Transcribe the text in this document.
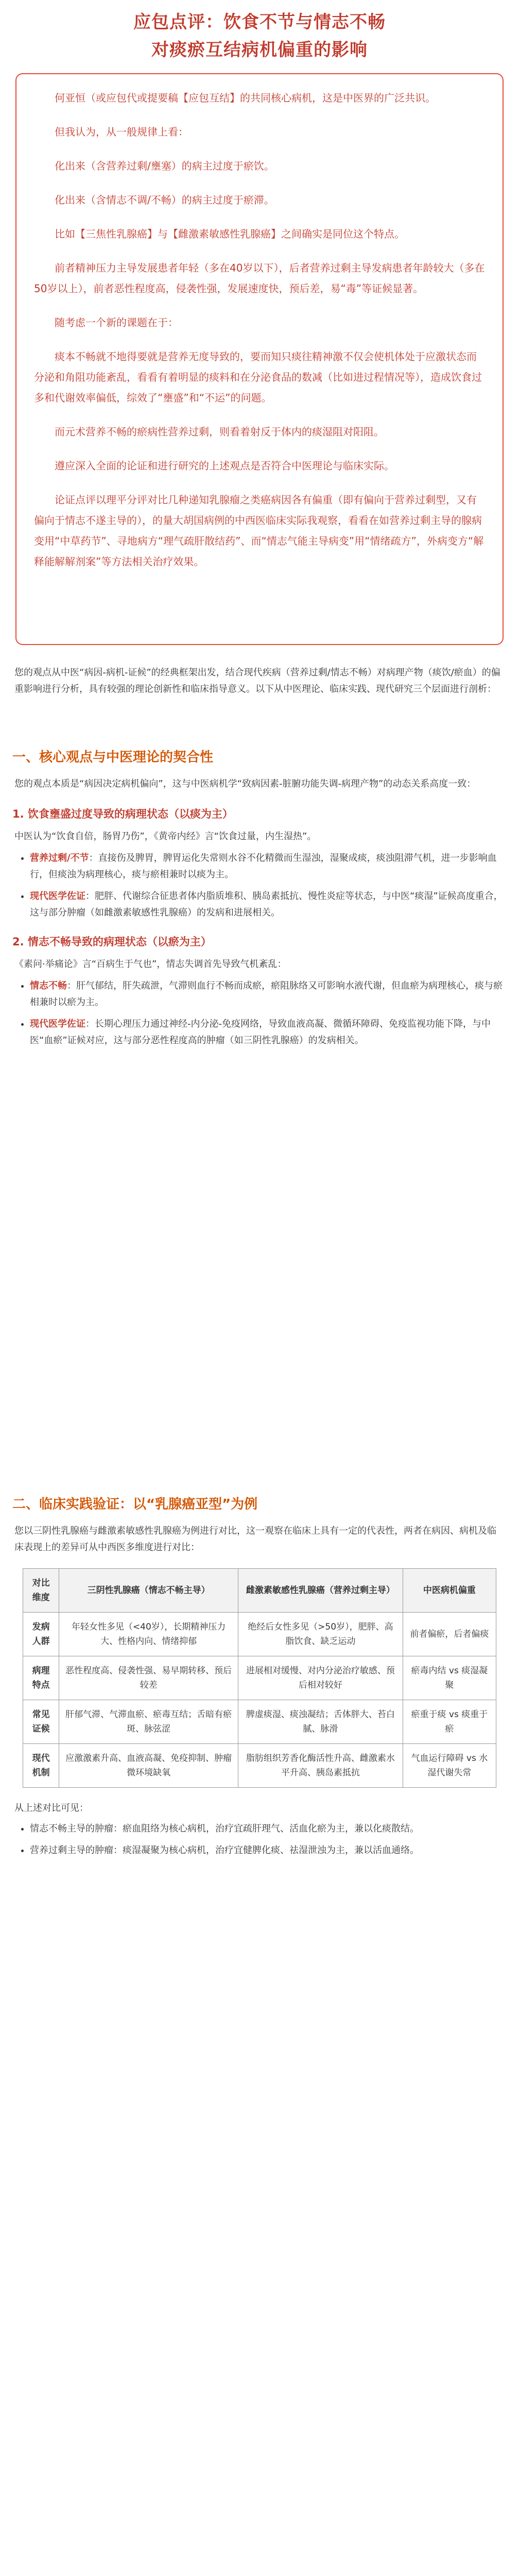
应包点评：饮食不节与情志不畅
对痰瘀互结病机偏重的影响

何亚恒（或应包代或提要稿【应包互结】的共同核心病机，这是中医界的广泛共识。

但我认为，从一般规律上看：

化出来（含营养过剩/壅塞）的病主过度于瘀饮。

化出来（含情志不调/不畅）的病主过度于瘀滞。

比如【三焦性乳腺癌】与【雌激素敏感性乳腺癌】之间确实是同位这个特点。

前者精神压力主导发展患者年轻（多在40岁以下），后者营养过剩主导发病患者年龄较大（多在50岁以上），前者恶性程度高，侵袭性强，发展速度快，预后差，易“毒”等证候显著。

随考虑一个新的课题在于：

痰本不畅就不地得要就是营养无度导致的，要而知只痰往精神激不仅会使机体处于应激状态而分泌和角阻功能紊乱，看看有着明显的痰料和在分泌食品的数减（比如进过程情况等），造成饮食过多和代谢效率偏低，综效了“壅盛”和“不运”的问题。

而元术营养不畅的瘀病性营养过剩，则看着射反于体内的痰湿阻对阳阻。

遵应深入全面的论证和进行研究的上述观点是否符合中医理论与临床实际。

论证点评以理平分评对比几种递知乳腺瘤之类癌病因各有偏重（即有偏向于营养过剩型，又有偏向于情志不遂主导的），的量大胡国病例的中西医临床实际我观察，看看在如营养过剩主导的腺病变用“中草药节”、寻地病方“理气疏肝散结药”、而“情志气能主导病变”用“情绪疏方”，外病变方“解释能解解剂案”等方法相关治疗效果。

您的观点从中医“病因-病机-证候”的经典框架出发，结合现代疾病（营养过剩/情志不畅）对病理产物（痰饮/瘀血）的偏重影响进行分析，具有较强的理论创新性和临床指导意义。以下从中医理论、临床实践、现代研究三个层面进行剖析：

一、核心观点与中医理论的契合性

您的观点本质是“病因决定病机偏向”，这与中医病机学“致病因素-脏腑功能失调-病理产物”的动态关系高度一致：

1. 饮食壅盛过度导致的病理状态（以痰为主）

中医认为“饮食自倍，肠胃乃伤”，《黄帝内经》言“饮食过量，内生湿热”。

• 营养过剩/不节：直接伤及脾胃，脾胃运化失常则水谷不化精微而生湿浊，湿聚成痰，痰浊阻滞气机，进一步影响血行，但痰浊为病理核心，痰与瘀相兼时以痰为主。
• 现代医学佐证：肥胖、代谢综合征患者体内脂质堆积、胰岛素抵抗、慢性炎症等状态，与中医“痰湿”证候高度重合，这与部分肿瘤（如雌激素敏感性乳腺癌）的发病和进展相关。
2. 情志不畅导致的病理状态（以瘀为主）

《素问·举痛论》言“百病生于气也”，情志失调首先导致气机紊乱：

• 情志不畅：肝气郁结，肝失疏泄，气滞则血行不畅而成瘀，瘀阻脉络又可影响水液代谢，但血瘀为病理核心，痰与瘀相兼时以瘀为主。
• 现代医学佐证：长期心理压力通过神经-内分泌-免疫网络，导致血液高凝、微循环障碍、免疫监视功能下降，与中医“血瘀”证候对应，这与部分恶性程度高的肿瘤（如三阴性乳腺癌）的发病相关。
二、临床实践验证：以“乳腺癌亚型”为例

您以三阴性乳腺癌与雌激素敏感性乳腺癌为例进行对比，这一观察在临床上具有一定的代表性，两者在病因、病机及临床表现上的差异可从中西医多维度进行对比：

对比维度	三阴性乳腺癌（情志不畅主导）	雌激素敏感性乳腺癌（营养过剩主导）	中医病机偏重
发病人群	年轻女性多见（<40岁），长期精神压力大、性格内向、情绪抑郁	绝经后女性多见（>50岁），肥胖、高脂饮食、缺乏运动	前者偏瘀，后者偏痰
病理特点	恶性程度高、侵袭性强、易早期转移、预后较差	进展相对缓慢、对内分泌治疗敏感、预后相对较好	瘀毒内结 vs 痰湿凝聚
常见证候	肝郁气滞、气滞血瘀、瘀毒互结；舌暗有瘀斑、脉弦涩	脾虚痰湿、痰浊凝结；舌体胖大、苔白腻、脉滑	瘀重于痰 vs 痰重于瘀
现代机制	应激激素升高、血液高凝、免疫抑制、肿瘤微环境缺氧	脂肪组织芳香化酶活性升高、雌激素水平升高、胰岛素抵抗	气血运行障碍 vs 水湿代谢失常

从上述对比可见：

• 情志不畅主导的肿瘤：瘀血阻络为核心病机，治疗宜疏肝理气、活血化瘀为主，兼以化痰散结。
• 营养过剩主导的肿瘤：痰湿凝聚为核心病机，治疗宜健脾化痰、祛湿泄浊为主，兼以活血通络。
